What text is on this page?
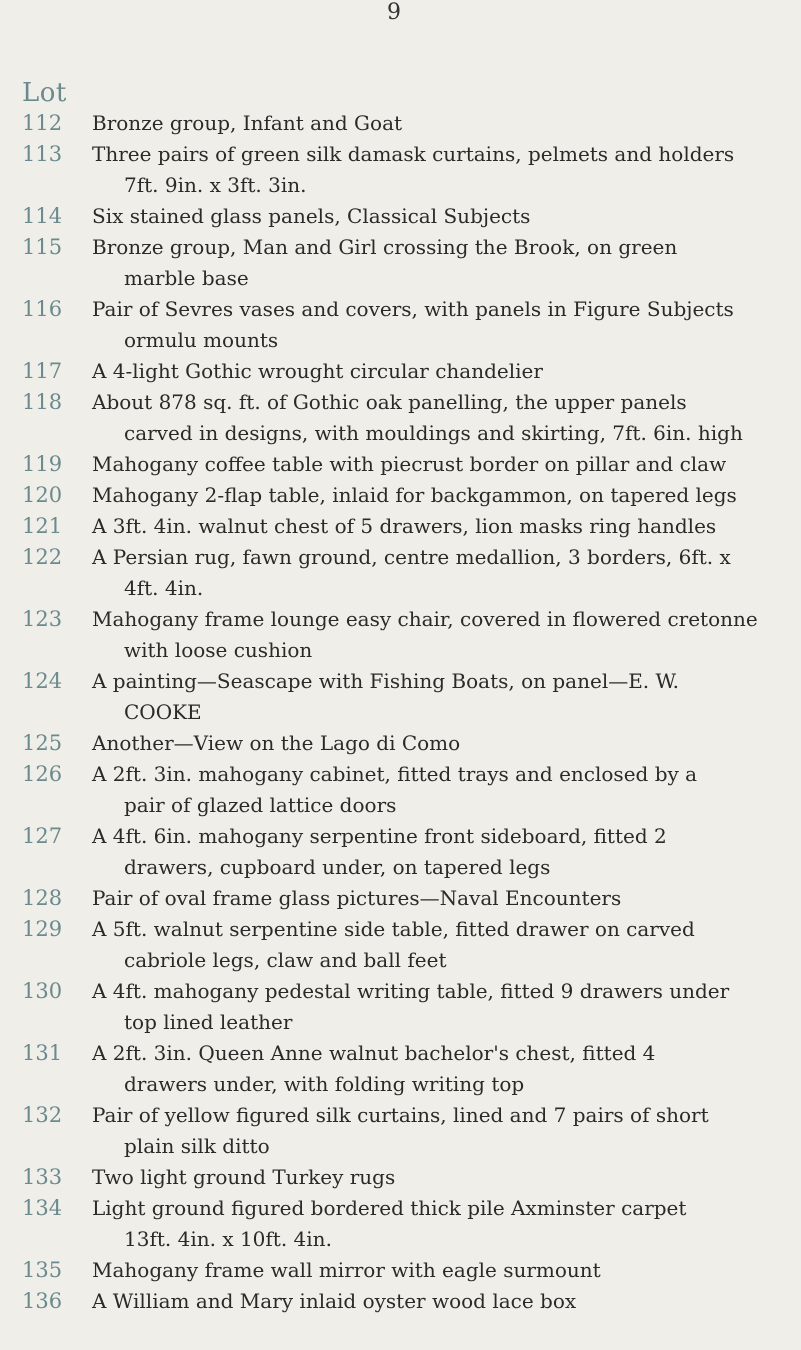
9
Lot
112	Bronze group, Infant and Goat
113	Three pairs of green silk damask curtains, pelmets and holders
7ft. 9in. x 3ft. 3in.
114	Six stained glass panels, Classical Subjects
115	Bronze group, Man and Girl crossing the Brook, on green
marble base
116	Pair of Sevres vases and covers, with panels in Figure Subjects
ormulu mounts
117	A 4-light Gothic wrought circular chandelier
118	About 878 sq. ft. of Gothic oak panelling, the upper panels
carved in designs, with mouldings and skirting, 7ft. 6in. high
119	Mahogany coffee table with piecrust border on pillar and claw
120	Mahogany 2-flap table, inlaid for backgammon, on tapered legs
121	A 3ft. 4in. walnut chest of 5 drawers, lion masks ring handles
122	A Persian rug, fawn ground, centre medallion, 3 borders, 6ft. x
4ft. 4in.
123	Mahogany frame lounge easy chair, covered in flowered cretonne
with loose cushion
124	A painting—Seascape with Fishing Boats, on panel—E. W.
COOKE
125	Another—View on the Lago di Como
126	A 2ft. 3in. mahogany cabinet, fitted trays and enclosed by a
pair of glazed lattice doors
127	A 4ft. 6in. mahogany serpentine front sideboard, fitted 2
drawers, cupboard under, on tapered legs
128	Pair of oval frame glass pictures—Naval Encounters
129	A 5ft. walnut serpentine side table, fitted drawer on carved
cabriole legs, claw and ball feet
130	A 4ft. mahogany pedestal writing table, fitted 9 drawers under
top lined leather
131	A 2ft. 3in. Queen Anne walnut bachelor's chest, fitted 4
drawers under, with folding writing top
132	Pair of yellow figured silk curtains, lined and 7 pairs of short
plain silk ditto
133	Two light ground Turkey rugs
134	Light ground figured bordered thick pile Axminster carpet
13ft. 4in. x 10ft. 4in.
135	Mahogany frame wall mirror with eagle surmount
136	A William and Mary inlaid oyster wood lace box
